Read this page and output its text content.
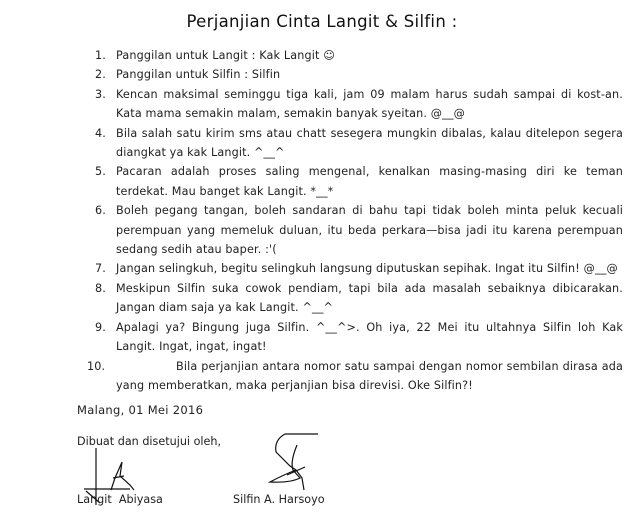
Perjanjian Cinta Langit & Silfin :
1. Panggilan untuk Langit : Kak Langit ☺
2. Panggilan untuk Silfin : Silfin
3. Kencan maksimal seminggu tiga kali, jam 09 malam harus sudah sampai di kost-an. Kata mama semakin malam, semakin banyak syeitan. @__@
4. Bila salah satu kirim sms atau chatt sesegera mungkin dibalas, kalau ditelepon segera diangkat ya kak Langit. ^__^
5. Pacaran adalah proses saling mengenal, kenalkan masing-masing diri ke teman terdekat. Mau banget kak Langit. *__*
6. Boleh pegang tangan, boleh sandaran di bahu tapi tidak boleh minta peluk kecuali perempuan yang memeluk duluan, itu beda perkara—bisa jadi itu karena perempuan sedang sedih atau baper. :'(
7. Jangan selingkuh, begitu selingkuh langsung diputuskan sepihak. Ingat itu Silfin! @__@
8. Meskipun Silfin suka cowok pendiam, tapi bila ada masalah sebaiknya dibicarakan. Jangan diam saja ya kak Langit. ^__^
9. Apalagi ya? Bingung juga Silfin. ^__^>. Oh iya, 22 Mei itu ultahnya Silfin loh Kak Langit. Ingat, ingat, ingat!
10.	Bila perjanjian antara nomor satu sampai dengan nomor sembilan dirasa ada yang memberatkan, maka perjanjian bisa direvisi. Oke Silfin?!
Malang, 01 Mei 2016
Dibuat dan disetujui oleh,
Langit  Abiyasa	Silfin A. Harsoyo
